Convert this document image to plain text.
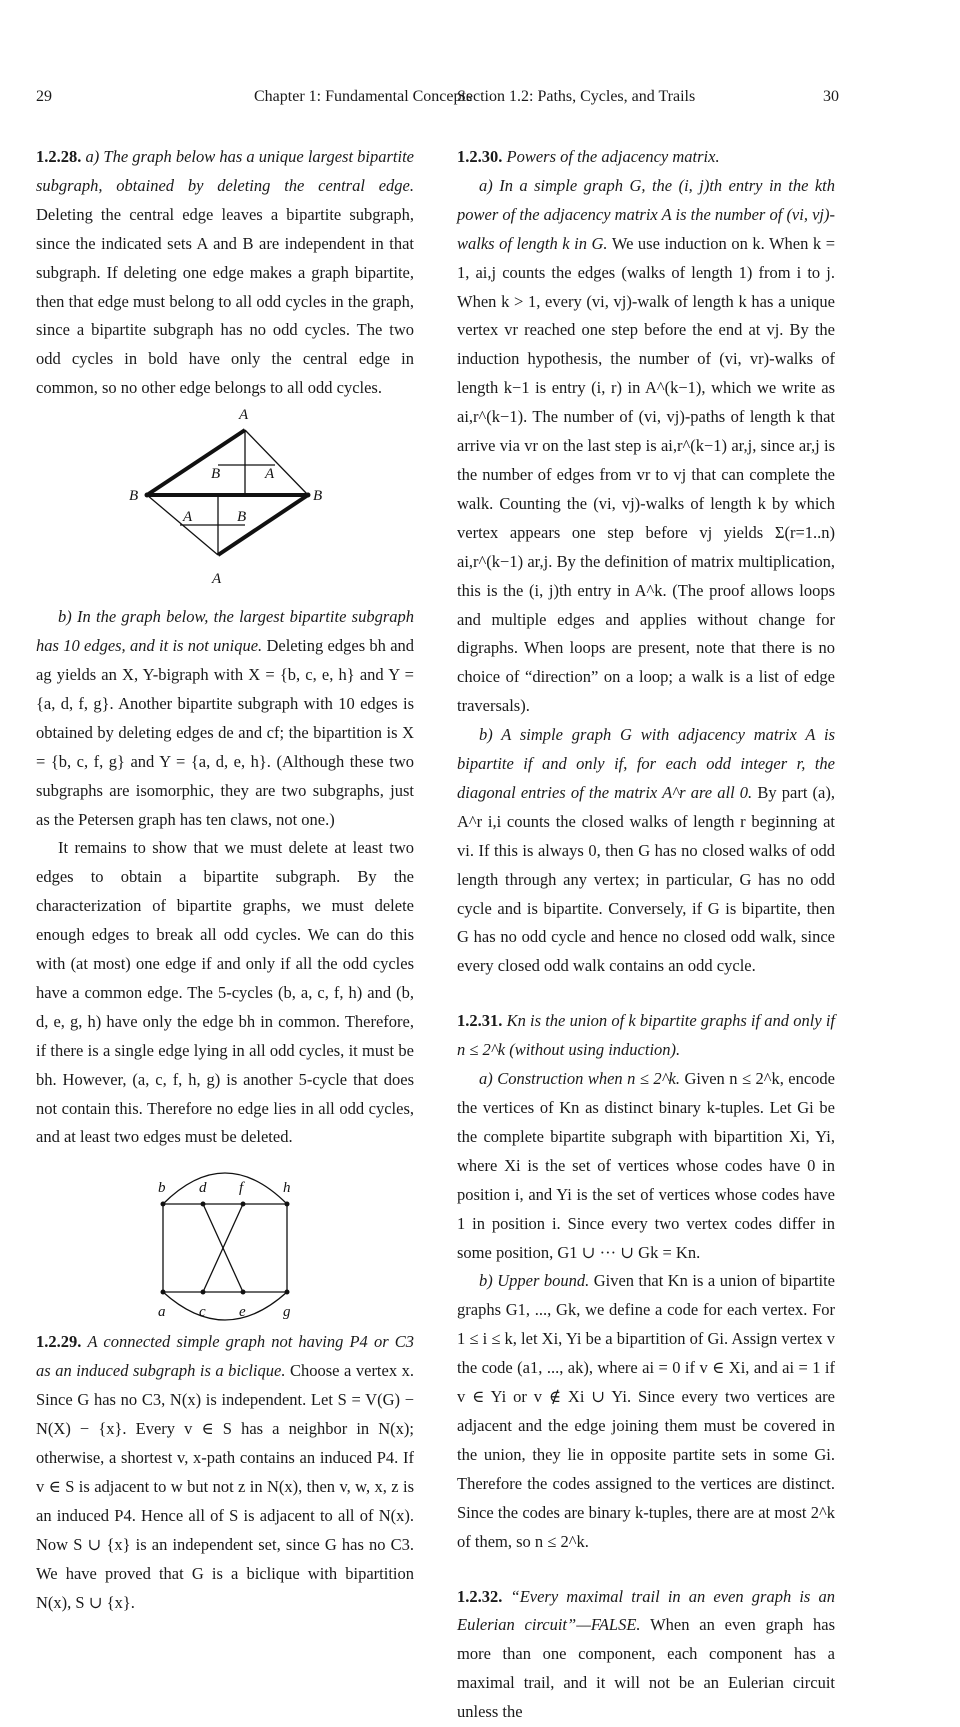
29	Chapter 1: Fundamental Concepts

1.2.28. a) The graph below has a unique largest bipartite subgraph, obtained by deleting the central edge. Deleting the central edge leaves a bipartite subgraph, since the indicated sets A and B are independent in that subgraph. If deleting one edge makes a graph bipartite, then that edge must belong to all odd cycles in the graph, since a bipartite subgraph has no odd cycles. The two odd cycles in bold have only the central edge in common, so no other edge belongs to all odd cycles.

A
B	B
A
B	A
A	B

b) In the graph below, the largest bipartite subgraph has 10 edges, and it is not unique. Deleting edges bh and ag yields an X, Y-bigraph with X = {b, c, e, h} and Y = {a, d, f, g}. Another bipartite subgraph with 10 edges is obtained by deleting edges de and cf; the bipartition is X = {b, c, f, g} and Y = {a, d, e, h}. (Although these two subgraphs are isomorphic, they are two subgraphs, just as the Petersen graph has ten claws, not one.)

It remains to show that we must delete at least two edges to obtain a bipartite subgraph. By the characterization of bipartite graphs, we must delete enough edges to break all odd cycles. We can do this with (at most) one edge if and only if all the odd cycles have a common edge. The 5-cycles (b, a, c, f, h) and (b, d, e, g, h) have only the edge bh in common. Therefore, if there is a single edge lying in all odd cycles, it must be bh. However, (a, c, f, h, g) is another 5-cycle that does not contain this. Therefore no edge lies in all odd cycles, and at least two edges must be deleted.

b d f	h
a c e g

1.2.29. A connected simple graph not having P4 or C3 as an induced subgraph is a biclique. Choose a vertex x. Since G has no C3, N(x) is independent. Let S = V(G) − N(X) − {x}. Every v ∈ S has a neighbor in N(x); otherwise, a shortest v, x-path contains an induced P4. If v ∈ S is adjacent to w but not z in N(x), then v, w, x, z is an induced P4. Hence all of S is adjacent to all of N(x). Now S ∪ {x} is an independent set, since G has no C3. We have proved that G is a biclique with bipartition N(x), S ∪ {x}.

Section 1.2: Paths, Cycles, and Trails	30

1.2.30. Powers of the adjacency matrix.

a) In a simple graph G, the (i, j)th entry in the kth power of the adjacency matrix A is the number of (vi, vj)-walks of length k in G. We use induction on k. When k = 1, ai,j counts the edges (walks of length 1) from i to j. When k > 1, every (vi, vj)-walk of length k has a unique vertex vr reached one step before the end at vj. By the induction hypothesis, the number of (vi, vr)-walks of length k−1 is entry (i, r) in A^(k−1), which we write as ai,r^(k−1). The number of (vi, vj)-paths of length k that arrive via vr on the last step is ai,r^(k−1) ar,j, since ar,j is the number of edges from vr to vj that can complete the walk. Counting the (vi, vj)-walks of length k by which vertex appears one step before vj yields Σ(r=1..n) ai,r^(k−1) ar,j. By the definition of matrix multiplication, this is the (i, j)th entry in A^k. (The proof allows loops and multiple edges and applies without change for digraphs. When loops are present, note that there is no choice of “direction” on a loop; a walk is a list of edge traversals).

b) A simple graph G with adjacency matrix A is bipartite if and only if, for each odd integer r, the diagonal entries of the matrix A^r are all 0. By part (a), A^r i,i counts the closed walks of length r beginning at vi. If this is always 0, then G has no closed walks of odd length through any vertex; in particular, G has no odd cycle and is bipartite. Conversely, if G is bipartite, then G has no odd cycle and hence no closed odd walk, since every closed odd walk contains an odd cycle.

1.2.31. Kn is the union of k bipartite graphs if and only if n ≤ 2^k (without using induction).

a) Construction when n ≤ 2^k. Given n ≤ 2^k, encode the vertices of Kn as distinct binary k-tuples. Let Gi be the complete bipartite subgraph with bipartition Xi, Yi, where Xi is the set of vertices whose codes have 0 in position i, and Yi is the set of vertices whose codes have 1 in position i. Since every two vertex codes differ in some position, G1 ∪ ··· ∪ Gk = Kn.

b) Upper bound. Given that Kn is a union of bipartite graphs G1, ..., Gk, we define a code for each vertex. For 1 ≤ i ≤ k, let Xi, Yi be a bipartition of Gi. Assign vertex v the code (a1, ..., ak), where ai = 0 if v ∈ Xi, and ai = 1 if v ∈ Yi or v ∉ Xi ∪ Yi. Since every two vertices are adjacent and the edge joining them must be covered in the union, they lie in opposite partite sets in some Gi. Therefore the codes assigned to the vertices are distinct. Since the codes are binary k-tuples, there are at most 2^k of them, so n ≤ 2^k.

1.2.32. “Every maximal trail in an even graph is an Eulerian circuit”—FALSE. When an even graph has more than one component, each component has a maximal trail, and it will not be an Eulerian circuit unless the
